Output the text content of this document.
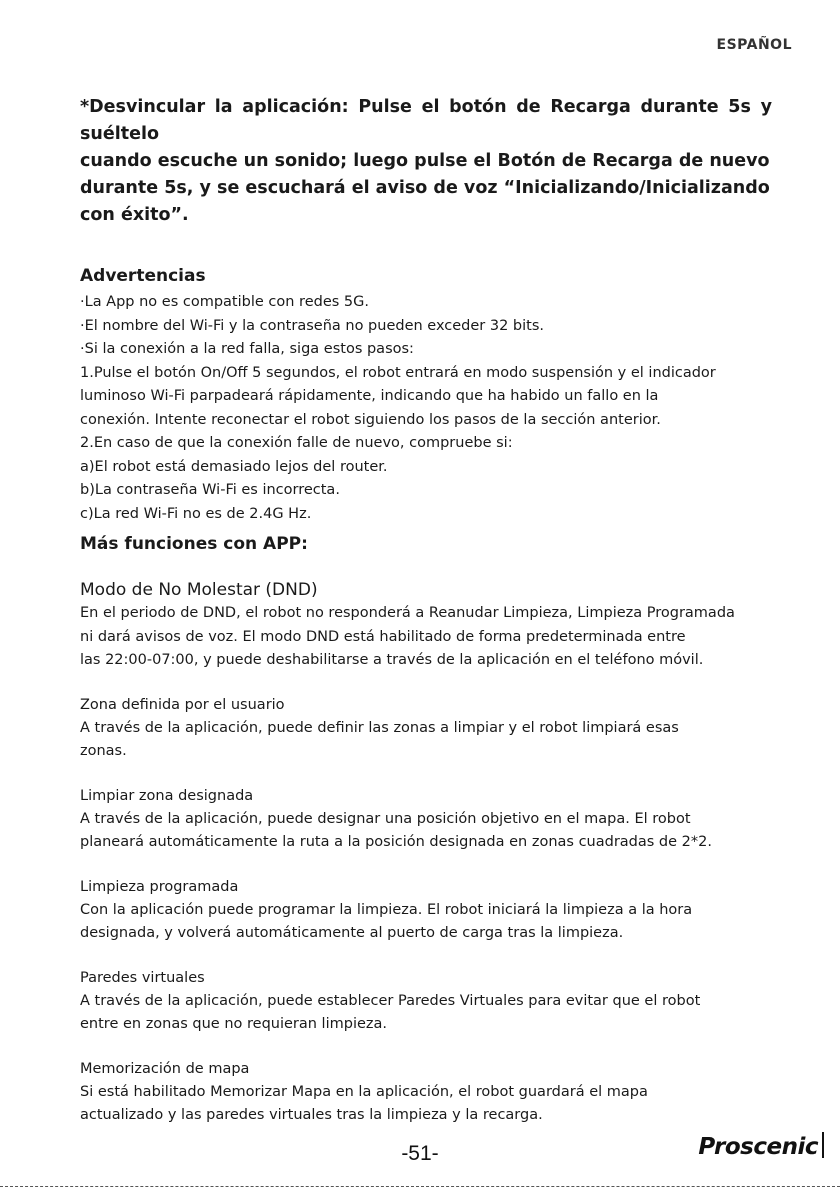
ESPAÑOL

*Desvincular la aplicación: Pulse el botón de Recarga durante 5s y suéltelo
cuando escuche un sonido; luego pulse el Botón de Recarga de nuevo
durante 5s, y se escuchará el aviso de voz “Inicializando/Inicializando
con éxito”.

Advertencias

·La App no es compatible con redes 5G.

·El nombre del Wi-Fi y la contraseña no pueden exceder 32 bits.

·Si la conexión a la red falla, siga estos pasos:

1.Pulse el botón On/Off 5 segundos, el robot entrará en modo suspensión y el indicador

luminoso Wi-Fi parpadeará rápidamente, indicando que ha habido un fallo en la

conexión. Intente reconectar el robot siguiendo los pasos de la sección anterior.

2.En caso de que la conexión falle de nuevo, compruebe si:

a)El robot está demasiado lejos del router.

b)La contraseña Wi-Fi es incorrecta.

c)La red Wi-Fi no es de 2.4G Hz.

Más funciones con APP:
Modo de No Molestar (DND)

En el periodo de DND, el robot no responderá a Reanudar Limpieza, Limpieza Programada

ni dará avisos de voz. El modo DND está habilitado de forma predeterminada entre

las 22:00-07:00, y puede deshabilitarse a través de la aplicación en el teléfono móvil.

Zona definida por el usuario

A través de la aplicación, puede definir las zonas a limpiar y el robot limpiará esas

zonas.

Limpiar zona designada

A través de la aplicación, puede designar una posición objetivo en el mapa. El robot

planeará automáticamente la ruta a la posición designada en zonas cuadradas de 2*2.

Limpieza programada

Con la aplicación puede programar la limpieza. El robot iniciará la limpieza a la hora

designada, y volverá automáticamente al puerto de carga tras la limpieza.

Paredes virtuales

A través de la aplicación, puede establecer Paredes Virtuales para evitar que el robot

entre en zonas que no requieran limpieza.

Memorización de mapa

Si está habilitado Memorizar Mapa en la aplicación, el robot guardará el mapa

actualizado y las paredes virtuales tras la limpieza y la recarga.

-51-	Proscenic
